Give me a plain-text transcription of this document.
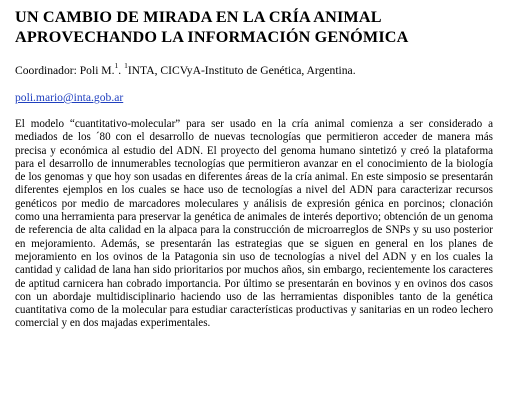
UN CAMBIO DE MIRADA EN LA CRÍA ANIMAL
APROVECHANDO LA INFORMACIÓN GENÓMICA

Coordinador: Poli M.$^1$. $^1$INTA, CICVyA-Instituto de Genética, Argentina.

poli.mario@inta.gob.ar

El modelo “cuantitativo-molecular” para ser usado en la cría animal comienza a ser considerado a mediados de los ´80 con el desarrollo de nuevas tecnologías que permitieron acceder de manera más precisa y económica al estudio del ADN. El proyecto del genoma humano sintetizó y creó la plataforma para el desarrollo de innumerables tecnologías que permitieron avanzar en el conocimiento de la biología de los genomas y que hoy son usadas en diferentes áreas de la cría animal. En este simposio se presentarán diferentes ejemplos en los cuales se hace uso de tecnologías a nivel del ADN para caracterizar recursos genéticos por medio de marcadores moleculares y análisis de expresión génica en porcinos; clonación como una herramienta para preservar la genética de animales de interés deportivo; obtención de un genoma de referencia de alta calidad en la alpaca para la construcción de microarreglos de SNPs y su uso posterior en mejoramiento. Además, se presentarán las estrategias que se siguen en general en los planes de mejoramiento en los ovinos de la Patagonia sin uso de tecnologías a nivel del ADN y en los cuales la cantidad y calidad de lana han sido prioritarios por muchos años, sin embargo, recientemente los caracteres de aptitud carnicera han cobrado importancia. Por último se presentarán en bovinos y en ovinos dos casos con un abordaje multidisciplinario haciendo uso de las herramientas disponibles tanto de la genética cuantitativa como de la molecular para estudiar características productivas y sanitarias en un rodeo lechero comercial y en dos majadas experimentales.
